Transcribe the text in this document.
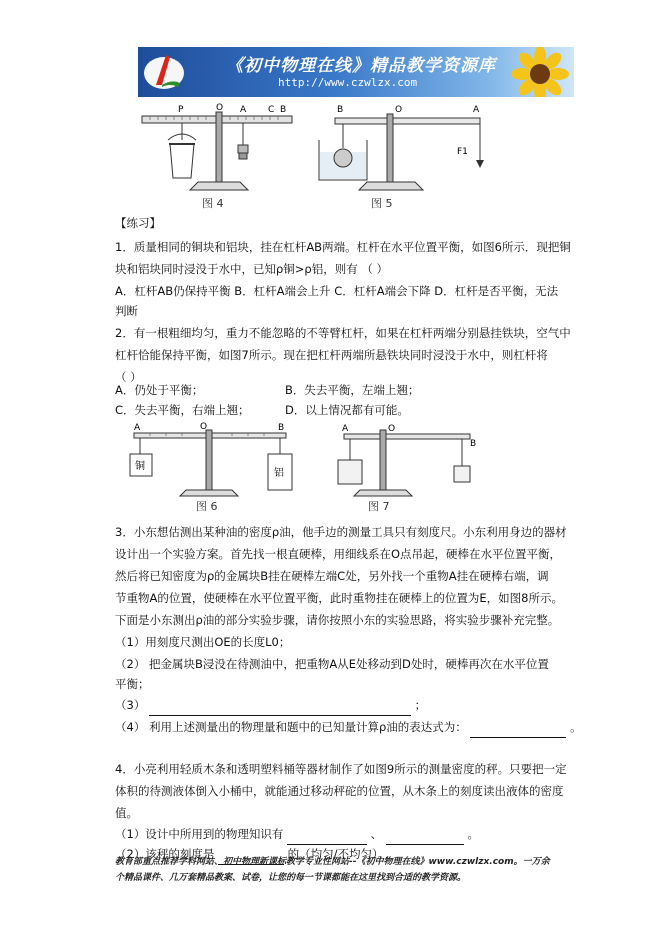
《初中物理在线》精品教学资源库
http://www.czwlzx.com
P	O A C B
图 4
B	O	A
F1
图 5
【练习】
1．质量相同的铜块和铝块，挂在杠杆AB两端。杠杆在水平位置平衡，如图6所示．现把铜
块和铝块同时浸没于水中，已知ρ铜>ρ铝，则有 （ ）
A．杠杆AB仍保持平衡 B．杠杆A端会上升 C．杠杆A端会下降 D．杠杆是否平衡，无法
判断
2．有一根粗细均匀，重力不能忽略的不等臂杠杆，如果在杠杆两端分别悬挂铁块，空气中
杠杆恰能保持平衡，如图7所示。现在把杠杆两端所悬铁块同时浸没于水中，则杠杆将
（ ）
A．仍处于平衡；	B．失去平衡，左端上翘；
C．失去平衡，右端上翘；	D．以上情况都有可能。
A	O	B
铜
铝
图 6
A	O
B
图 7
3．小东想估测出某种油的密度ρ油，他手边的测量工具只有刻度尺。小东利用身边的器材
设计出一个实验方案。首先找一根直硬棒，用细线系在O点吊起，硬棒在水平位置平衡，
然后将已知密度为ρ的金属块B挂在硬棒左端C处，另外找一个重物A挂在硬棒右端，调
节重物A的位置，使硬棒在水平位置平衡，此时重物挂在硬棒上的位置为E，如图8所示。
下面是小东测出ρ油的部分实验步骤，请你按照小东的实验思路，将实验步骤补充完整。
（1）用刻度尺测出OE的长度L0；
（2） 把金属块B浸没在待测油中，把重物A从E处移动到D处时，硬棒再次在水平位置
平衡；
（3）	；
（4） 利用上述测量出的物理量和题中的已知量计算ρ油的表达式为：	。
4．小亮利用轻质木条和透明塑料桶等器材制作了如图9所示的测量密度的秤。只要把一定
体积的待测液体倒入小桶中，就能通过移动秤砣的位置，从木条上的刻度读出液体的密度
值。
（1）设计中所用到的物理知识有	、	。
（2）该秤的刻度是	的（均匀/不均匀）。
教育部重点推荐学科网站、初中物理新课标教学专业性网站--《初中物理在线》www.czwlzx.com。一万余
个精品课件、几万套精品教案、试卷，让您的每一节课都能在这里找到合适的教学资源。
